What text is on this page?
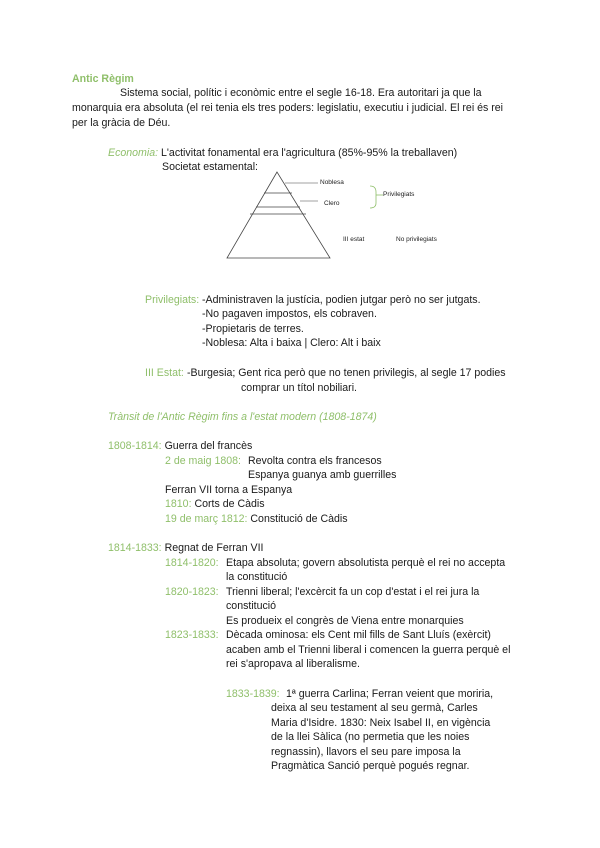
Antic Règim
Sistema social, polític i econòmic entre el segle 16-18. Era autoritari ja que la
monarquia era absoluta (el rei tenia els tres poders: legislatiu, executiu i judicial. El rei és rei
per la gràcia de Déu.
Economia: L'activitat fonamental era l'agricultura (85%-95% la treballaven)
Societat estamental:
Noblesa
Clero
Privilegiats
III estat	No privilegiats
Privilegiats: -Administraven la justícia, podien jutgar però no ser jutgats.
-No pagaven impostos, els cobraven.
-Propietaris de terres.
-Noblesa: Alta i baixa | Clero: Alt i baix
III Estat: -Burgesia; Gent rica però que no tenen privilegis, al segle 17 podies
comprar un títol nobiliari.
Trànsit de l'Antic Règim fins a l'estat modern (1808-1874)
1808-1814: Guerra del francès
2 de maig 1808: Revolta contra els francesos
Espanya guanya amb guerrilles
Ferran VII torna a Espanya
1810: Corts de Càdis
19 de març 1812: Constitució de Càdis
1814-1833: Regnat de Ferran VII
1814-1820: Etapa absoluta; govern absolutista perquè el rei no accepta
la constitució
1820-1823: Trienni liberal; l'excèrcit fa un cop d'estat i el rei jura la
constitució
Es produeix el congrès de Viena entre monarquies
1823-1833: Dècada ominosa: els Cent mil fills de Sant Lluís (exèrcit)
acaben amb el Trienni liberal i comencen la guerra perquè el
rei s'apropava al liberalisme.
1833-1839: 1ª guerra Carlina; Ferran veient que moriria,
deixa al seu testament al seu germà, Carles
Maria d'Isidre. 1830: Neix Isabel II, en vigència
de la llei Sàlica (no permetia que les noies
regnassin), llavors el seu pare imposa la
Pragmàtica Sanció perquè pogués regnar.
